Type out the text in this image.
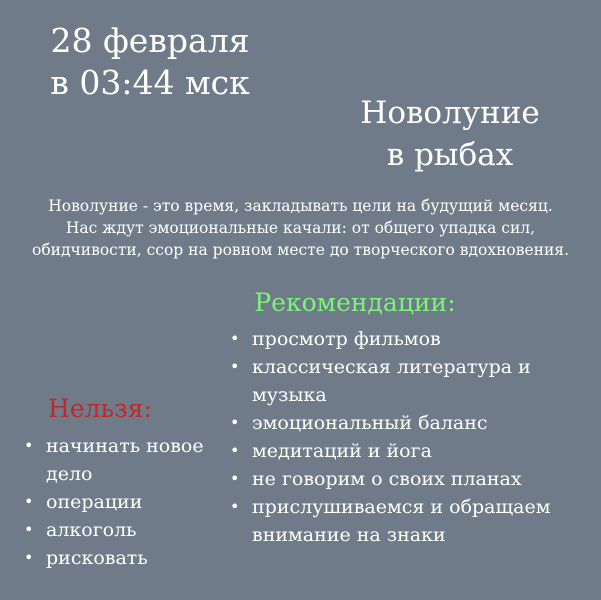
28 февраля
в 03:44 мск
Новолуние
в рыбах
Новолуние - это время, закладывать цели на будущий месяц.
Нас ждут эмоциональные качали: от общего упадка сил,
обидчивости, ссор на ровном месте до творческого вдохновения.
Рекомендации:
• просмотр фильмов
• классическая литература и музыка
• эмоциональный баланс
• медитаций и йога
• не говорим о своих планах
• прислушиваемся и обращаем внимание на знаки
Нельзя:
• начинать новое дело
• операции
• алкоголь
• рисковать
